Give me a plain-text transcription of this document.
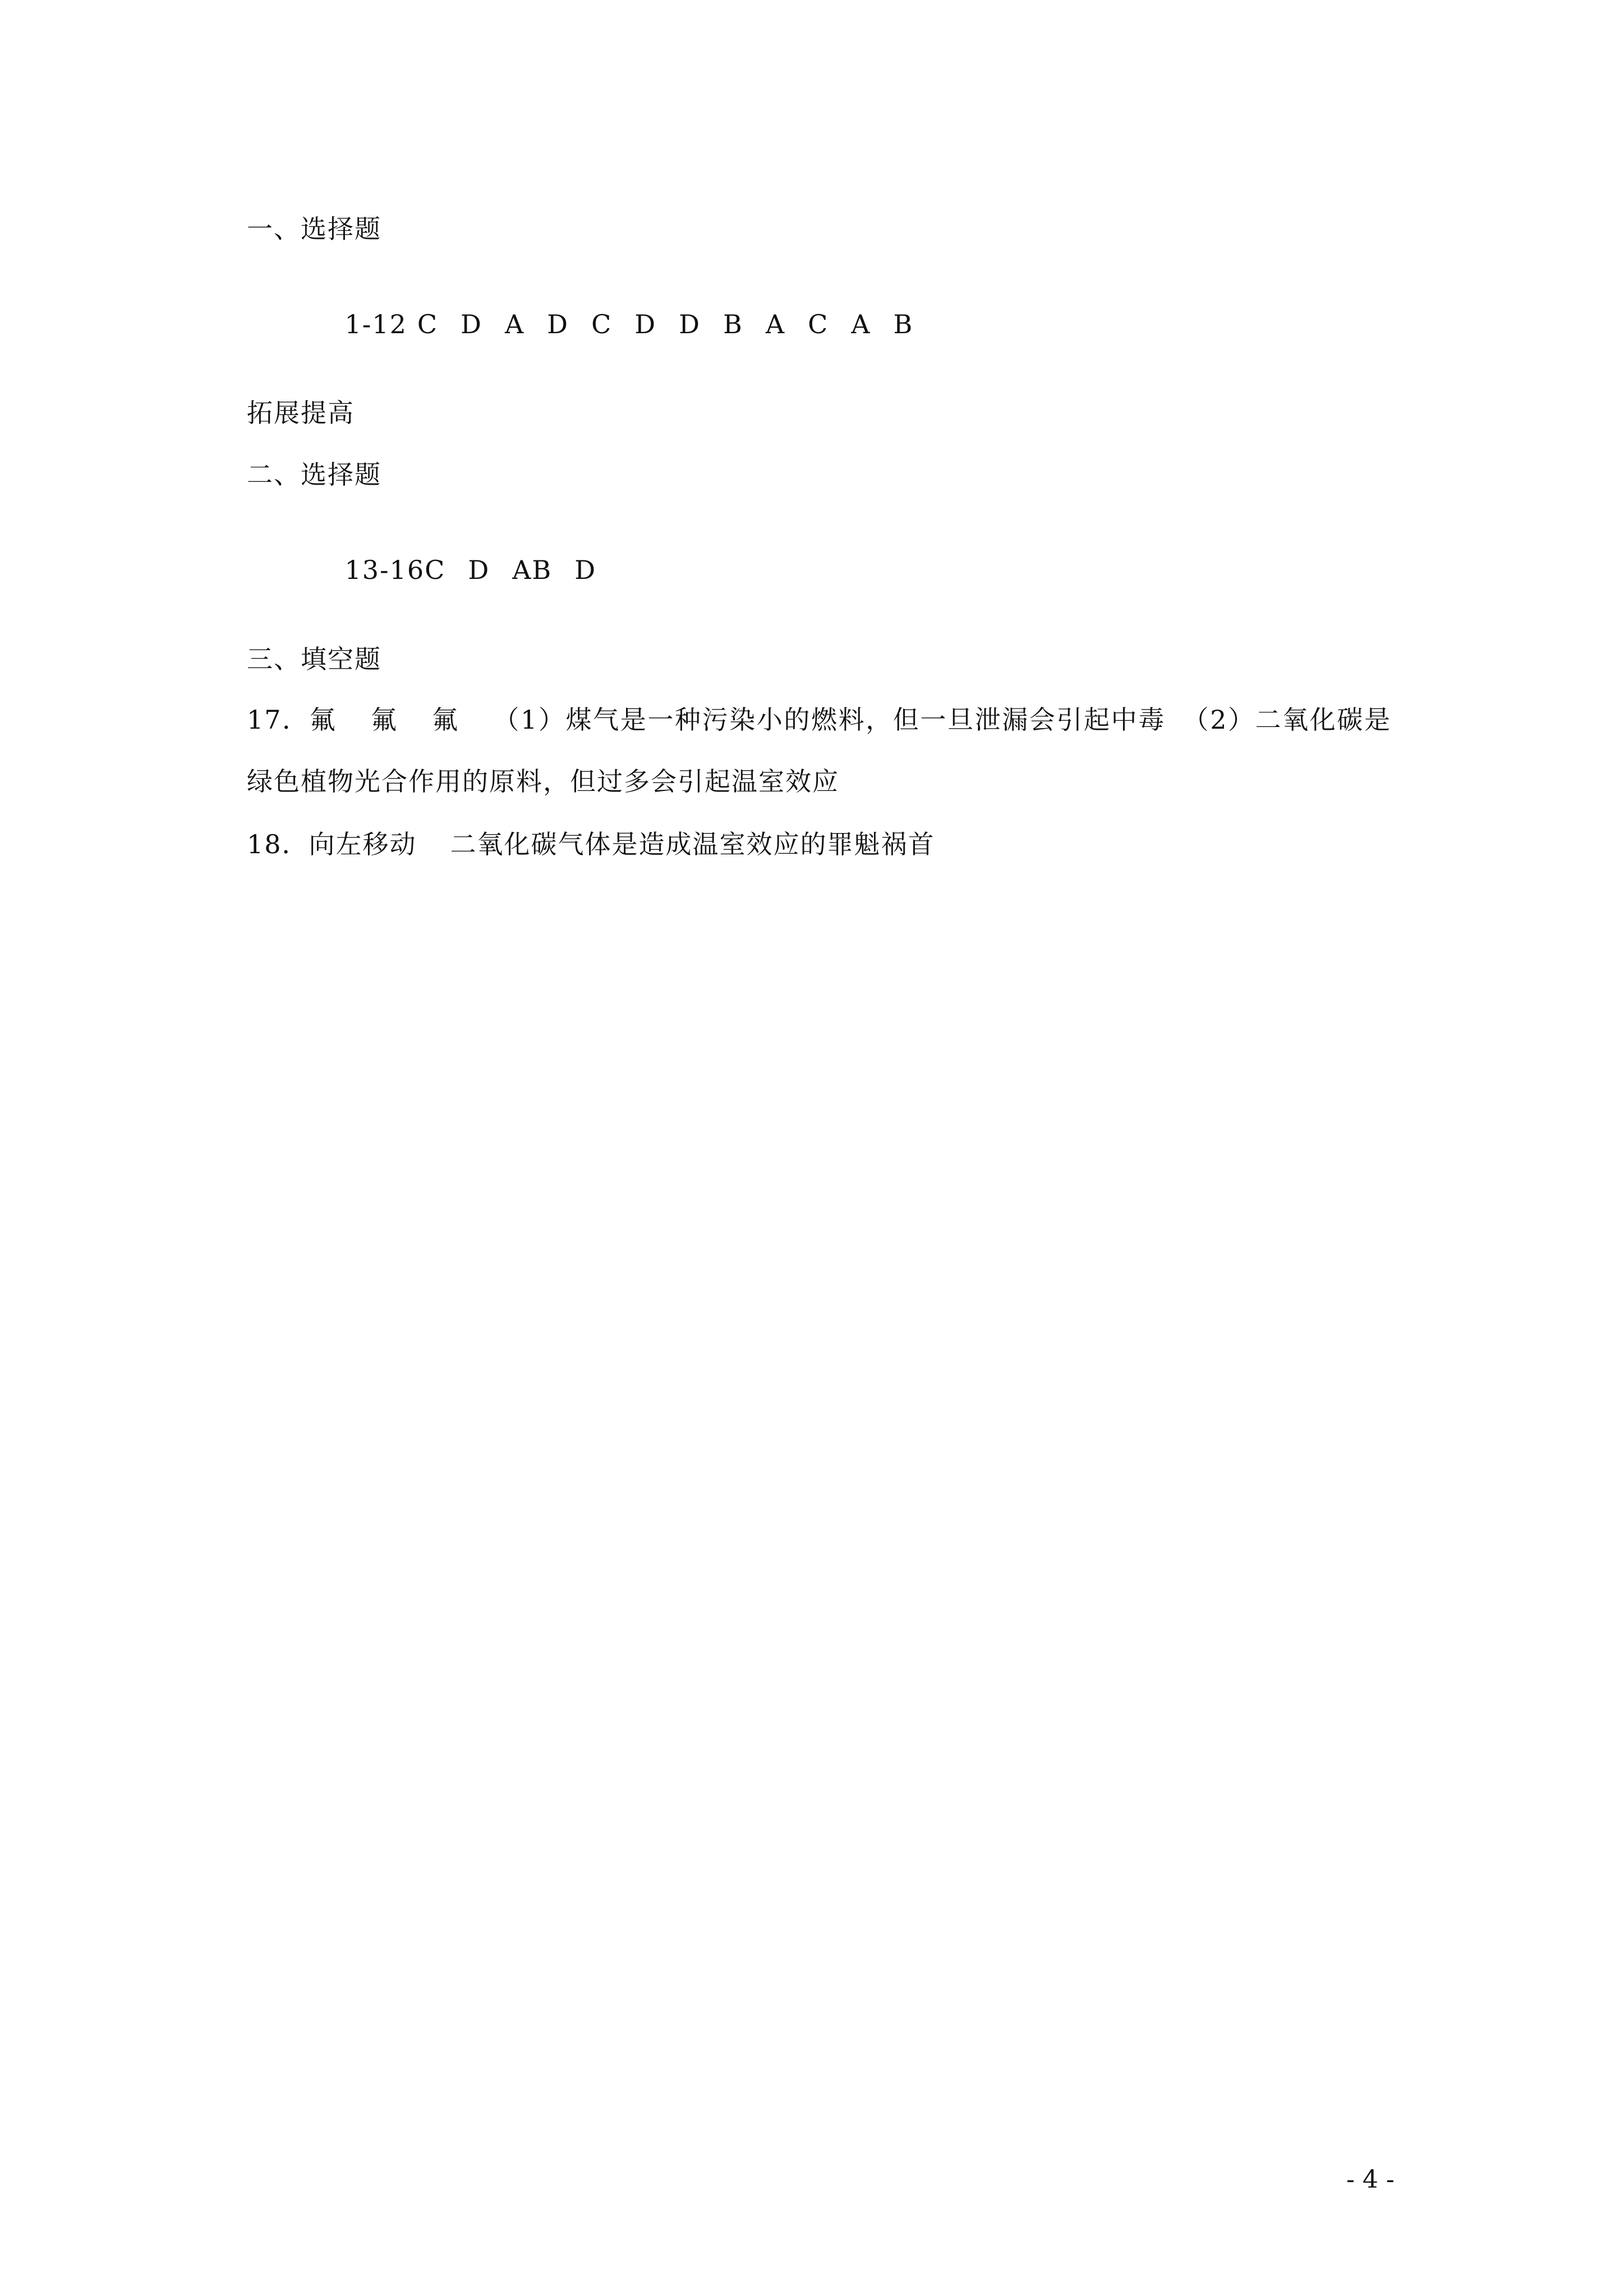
一、选择题

1-12 C D A D C D D B A C A B

拓展提高
二、选择题

13-16C D AB D

三、填空题
17．氟 氟 氟 （1）煤气是一种污染小的燃料，但一旦泄漏会引起中毒 （2）二氧化碳是绿色植物光合作用的原料，但过多会引起温室效应
18．向左移动 二氧化碳气体是造成温室效应的罪魁祸首
- 4 -
